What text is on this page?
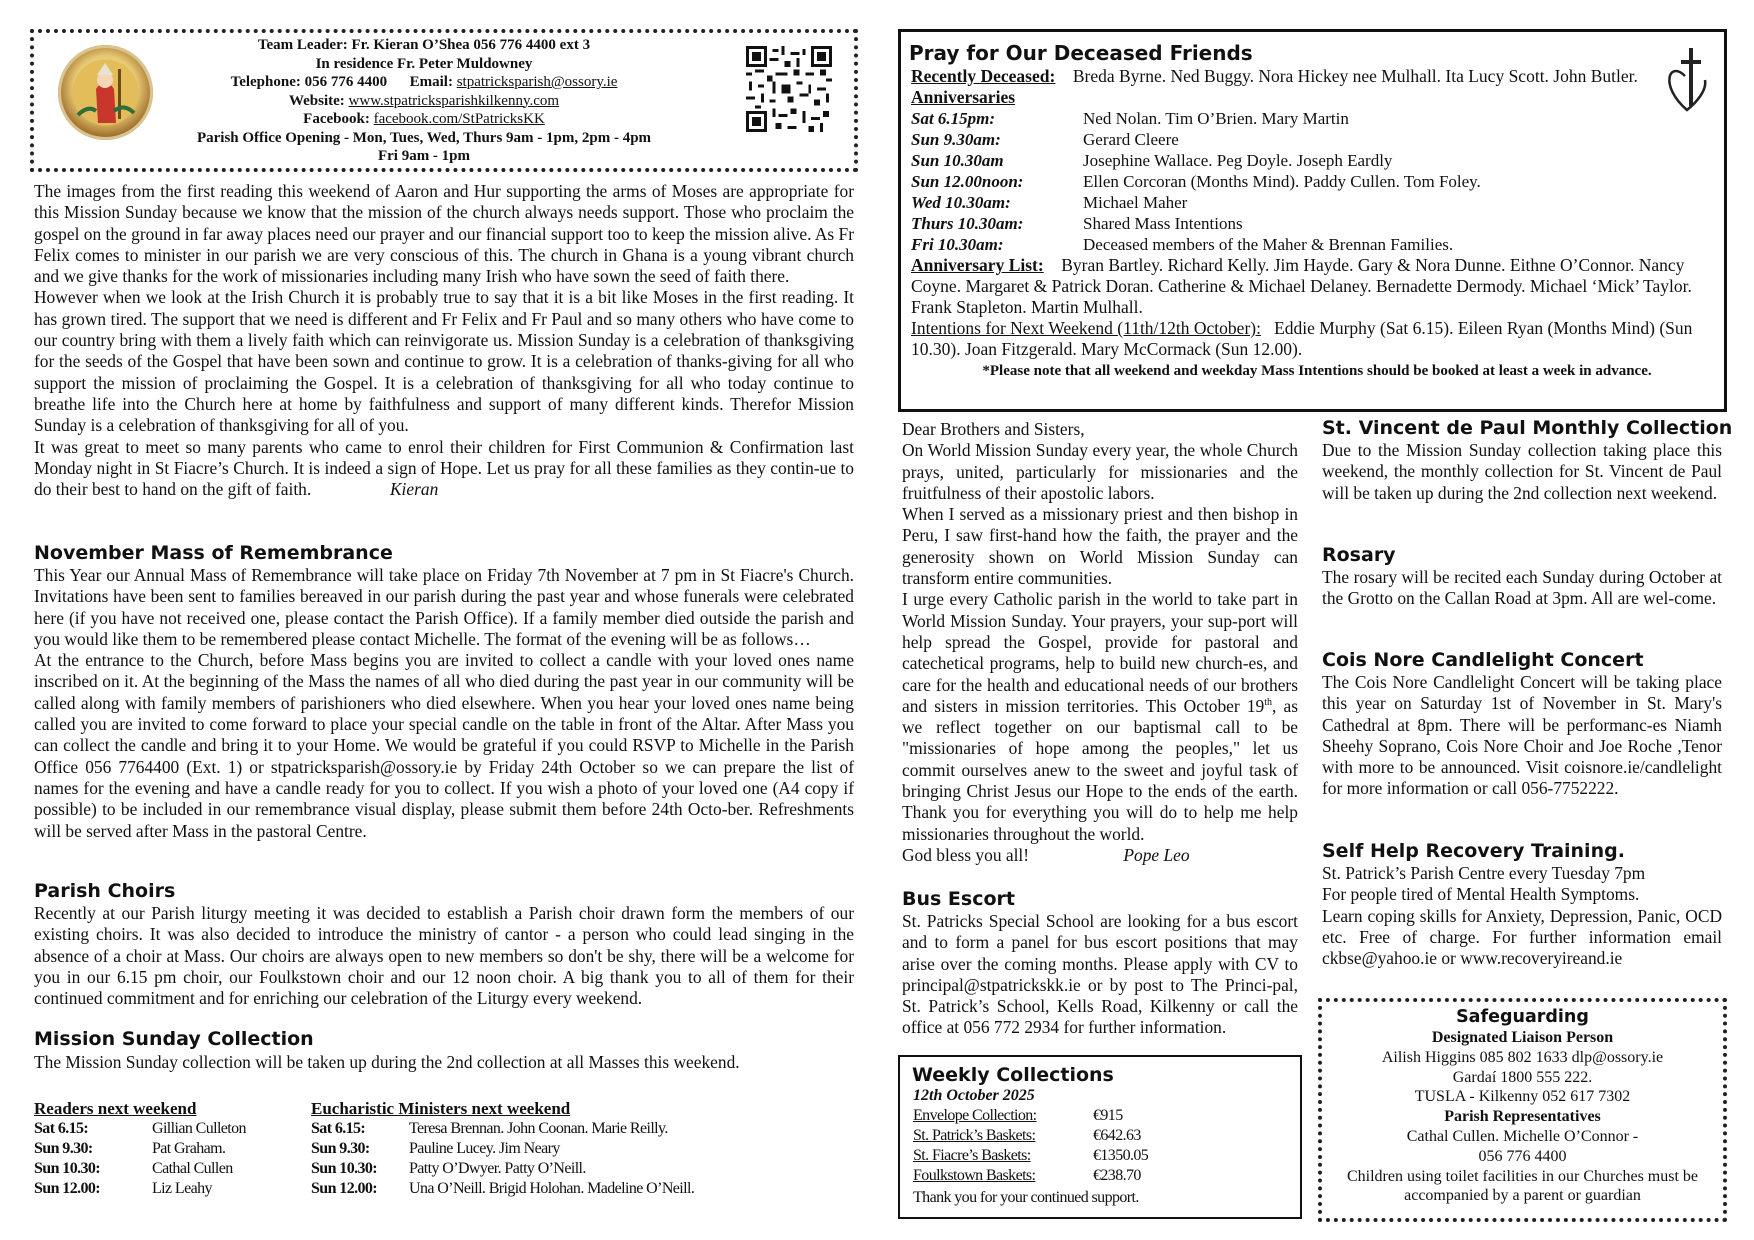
Team Leader: Fr. Kieran O’Shea 056 776 4400 ext 3
In residence Fr. Peter Muldowney
Telephone: 056 776 4400 Email: stpatricksparish@ossory.ie
Website: www.stpatricksparishkilkenny.com
Facebook: facebook.com/StPatricksKK
Parish Office Opening - Mon, Tues, Wed, Thurs 9am - 1pm, 2pm - 4pm
Fri 9am - 1pm

The images from the first reading this weekend of Aaron and Hur supporting the arms of Moses are appropriate for this Mission Sunday because we know that the mission of the church always needs support. Those who proclaim the gospel on the ground in far away places need our prayer and our financial support too to keep the mission alive. As Fr Felix comes to minister in our parish we are very conscious of this. The church in Ghana is a young vibrant church and we give thanks for the work of missionaries including many Irish who have sown the seed of faith there.

However when we look at the Irish Church it is probably true to say that it is a bit like Moses in the first reading. It has grown tired. The support that we need is different and Fr Felix and Fr Paul and so many others who have come to our country bring with them a lively faith which can reinvigorate us. Mission Sunday is a celebration of thanksgiving for the seeds of the Gospel that have been sown and continue to grow. It is a celebration of thanks-giving for all who support the mission of proclaiming the Gospel. It is a celebration of thanksgiving for all who today continue to breathe life into the Church here at home by faithfulness and support of many different kinds. Therefor Mission Sunday is a celebration of thanksgiving for all of you.

It was great to meet so many parents who came to enrol their children for First Communion & Confirmation last Monday night in St Fiacre’s Church. It is indeed a sign of Hope. Let us pray for all these families as they contin-ue to do their best to hand on the gift of faith.	Kieran

November Mass of Remembrance

This Year our Annual Mass of Remembrance will take place on Friday 7th November at 7 pm in St Fiacre's Church. Invitations have been sent to families bereaved in our parish during the past year and whose funerals were celebrated here (if you have not received one, please contact the Parish Office). If a family member died outside the parish and you would like them to be remembered please contact Michelle. The format of the evening will be as follows…

At the entrance to the Church, before Mass begins you are invited to collect a candle with your loved ones name inscribed on it. At the beginning of the Mass the names of all who died during the past year in our community will be called along with family members of parishioners who died elsewhere. When you hear your loved ones name being called you are invited to come forward to place your special candle on the table in front of the Altar. After Mass you can collect the candle and bring it to your Home. We would be grateful if you could RSVP to Michelle in the Parish Office 056 7764400 (Ext. 1) or stpatricksparish@ossory.ie by Friday 24th October so we can prepare the list of names for the evening and have a candle ready for you to collect. If you wish a photo of your loved one (A4 copy if possible) to be included in our remembrance visual display, please submit them before 24th Octo-ber. Refreshments will be served after Mass in the pastoral Centre.

Parish Choirs

Recently at our Parish liturgy meeting it was decided to establish a Parish choir drawn form the members of our existing choirs. It was also decided to introduce the ministry of cantor - a person who could lead singing in the absence of a choir at Mass. Our choirs are always open to new members so don't be shy, there will be a welcome for you in our 6.15 pm choir, our Foulkstown choir and our 12 noon choir. A big thank you to all of them for their continued commitment and for enriching our celebration of the Liturgy every weekend.

Mission Sunday Collection

The Mission Sunday collection will be taken up during the 2nd collection at all Masses this weekend.

Readers next weekend
Sat 6.15:	Gillian Culleton
Sun 9.30:	Pat Graham.
Sun 10.30:	Cathal Cullen
Sun 12.00:	Liz Leahy
Eucharistic Ministers next weekend
Sat 6.15:	Teresa Brennan. John Coonan. Marie Reilly.
Sun 9.30:	Pauline Lucey. Jim Neary
Sun 10.30:	Patty O’Dwyer. Patty O’Neill.
Sun 12.00:	Una O’Neill. Brigid Holohan. Madeline O’Neill.
Pray for Our Deceased Friends
Recently Deceased: Breda Byrne. Ned Buggy. Nora Hickey nee Mulhall. Ita Lucy Scott. John Butler.
Anniversaries
Sat 6.15pm:	Ned Nolan. Tim O’Brien. Mary Martin
Sun 9.30am:	Gerard Cleere
Sun 10.30am	Josephine Wallace. Peg Doyle. Joseph Eardly
Sun 12.00noon:	Ellen Corcoran (Months Mind). Paddy Cullen. Tom Foley.
Wed 10.30am:	Michael Maher
Thurs 10.30am:	Shared Mass Intentions
Fri 10.30am:	Deceased members of the Maher & Brennan Families.
Anniversary List: Byran Bartley. Richard Kelly. Jim Hayde. Gary & Nora Dunne. Eithne O’Connor. Nancy Coyne. Margaret & Patrick Doran. Catherine & Michael Delaney. Bernadette Dermody. Michael ‘Mick’ Taylor. Frank Stapleton. Martin Mulhall.
Intentions for Next Weekend (11th/12th October): Eddie Murphy (Sat 6.15). Eileen Ryan (Months Mind) (Sun 10.30). Joan Fitzgerald. Mary McCormack (Sun 12.00).
*Please note that all weekend and weekday Mass Intentions should be booked at least a week in advance.

Dear Brothers and Sisters,

On World Mission Sunday every year, the whole Church prays, united, particularly for missionaries and the fruitfulness of their apostolic labors.

When I served as a missionary priest and then bishop in Peru, I saw first-hand how the faith, the prayer and the generosity shown on World Mission Sunday can transform entire communities.

I urge every Catholic parish in the world to take part in World Mission Sunday. Your prayers, your sup-port will help spread the Gospel, provide for pastoral and catechetical programs, help to build new church-es, and care for the health and educational needs of our brothers and sisters in mission territories. This October 19th, as we reflect together on our baptismal call to be "missionaries of hope among the peoples," let us commit ourselves anew to the sweet and joyful task of bringing Christ Jesus our Hope to the ends of the earth. Thank you for everything you will do to help me help missionaries throughout the world.

God bless you all!	Pope Leo

Bus Escort

St. Patricks Special School are looking for a bus escort and to form a panel for bus escort positions that may arise over the coming months. Please apply with CV to principal@stpatrickskk.ie or by post to The Princi-pal, St. Patrick’s School, Kells Road, Kilkenny or call the office at 056 772 2934 for further information.

Weekly Collections
12th October 2025
Envelope Collection:	€915
St. Patrick’s Baskets:	€642.63
St. Fiacre’s Baskets:	€1350.05
Foulkstown Baskets:	€238.70
Thank you for your continued support.
St. Vincent de Paul Monthly Collection

Due to the Mission Sunday collection taking place this weekend, the monthly collection for St. Vincent de Paul will be taken up during the 2nd collection next weekend.

Rosary

The rosary will be recited each Sunday during October at the Grotto on the Callan Road at 3pm. All are wel-come.

Cois Nore Candlelight Concert

The Cois Nore Candlelight Concert will be taking place this year on Saturday 1st of November in St. Mary's Cathedral at 8pm. There will be performanc-es Niamh Sheehy Soprano, Cois Nore Choir and Joe Roche ,Tenor with more to be announced. Visit coisnore.ie/candlelight for more information or call 056-7752222.

Self Help Recovery Training.

St. Patrick’s Parish Centre every Tuesday 7pm

For people tired of Mental Health Symptoms.

Learn coping skills for Anxiety, Depression, Panic, OCD etc. Free of charge. For further information email ckbse@yahoo.ie or www.recoveryireand.ie

Safeguarding
Designated Liaison Person
Ailish Higgins 085 802 1633 dlp@ossory.ie
Gardaí 1800 555 222.
TUSLA - Kilkenny 052 617 7302
Parish Representatives
Cathal Cullen. Michelle O’Connor -
056 776 4400
Children using toilet facilities in our Churches must be accompanied by a parent or guardian
